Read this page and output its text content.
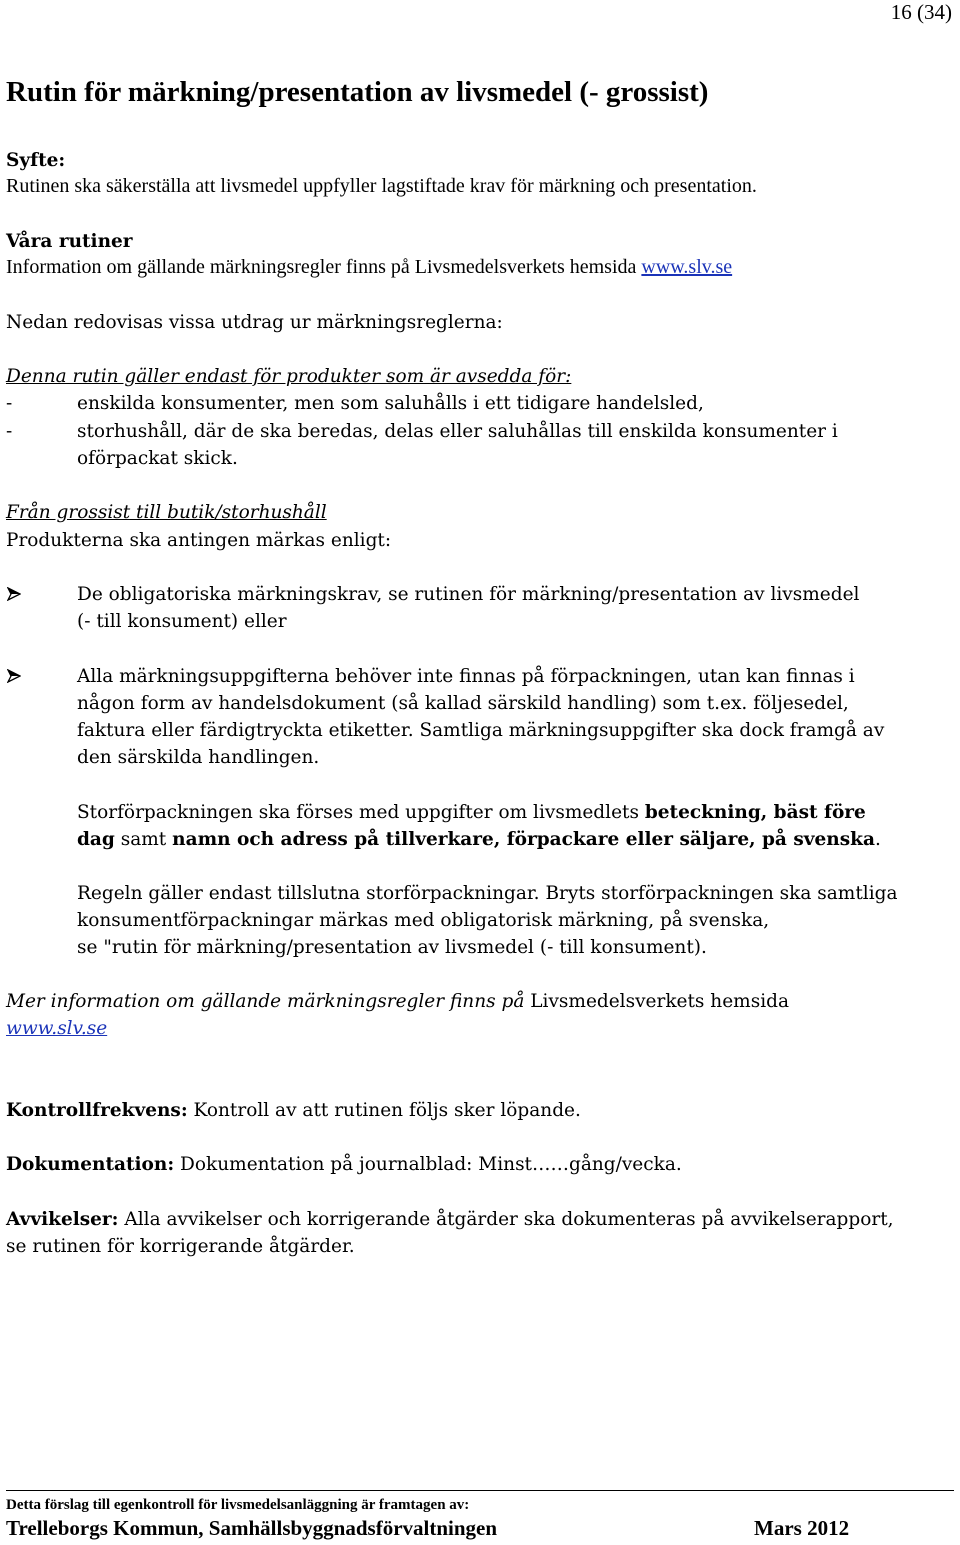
16 (34)
Rutin för märkning/presentation av livsmedel (- grossist)
Syfte:
Rutinen ska säkerställa att livsmedel uppfyller lagstiftade krav för märkning och presentation.
Våra rutiner
Information om gällande märkningsregler finns på Livsmedelsverkets hemsida www.slv.se
Nedan redovisas vissa utdrag ur märkningsreglerna:
Denna rutin gäller endast för produkter som är avsedda för:
-	enskilda konsumenter, men som saluhålls i ett tidigare handelsled,
-	storhushåll, där de ska beredas, delas eller saluhållas till enskilda konsumenter i
oförpackat skick.
Från grossist till butik/storhushåll
Produkterna ska antingen märkas enligt:
De obligatoriska märkningskrav, se rutinen för märkning/presentation av livsmedel
(- till konsument) eller
Alla märkningsuppgifterna behöver inte finnas på förpackningen, utan kan finnas i
någon form av handelsdokument (så kallad särskild handling) som t.ex. följesedel,
faktura eller färdigtryckta etiketter. Samtliga märkningsuppgifter ska dock framgå av
den särskilda handlingen.
Storförpackningen ska förses med uppgifter om livsmedlets beteckning, bäst före
dag samt namn och adress på tillverkare, förpackare eller säljare, på svenska.
Regeln gäller endast tillslutna storförpackningar. Bryts storförpackningen ska samtliga
konsumentförpackningar märkas med obligatorisk märkning, på svenska,
se "rutin för märkning/presentation av livsmedel (- till konsument).
Mer information om gällande märkningsregler finns på Livsmedelsverkets hemsida
www.slv.se
Kontrollfrekvens: Kontroll av att rutinen följs sker löpande.
Dokumentation: Dokumentation på journalblad: Minst……gång/vecka.
Avvikelser: Alla avvikelser och korrigerande åtgärder ska dokumenteras på avvikelserapport,
se rutinen för korrigerande åtgärder.
Detta förslag till egenkontroll för livsmedelsanläggning är framtagen av:
Trelleborgs Kommun, Samhällsbyggnadsförvaltningen	Mars 2012
